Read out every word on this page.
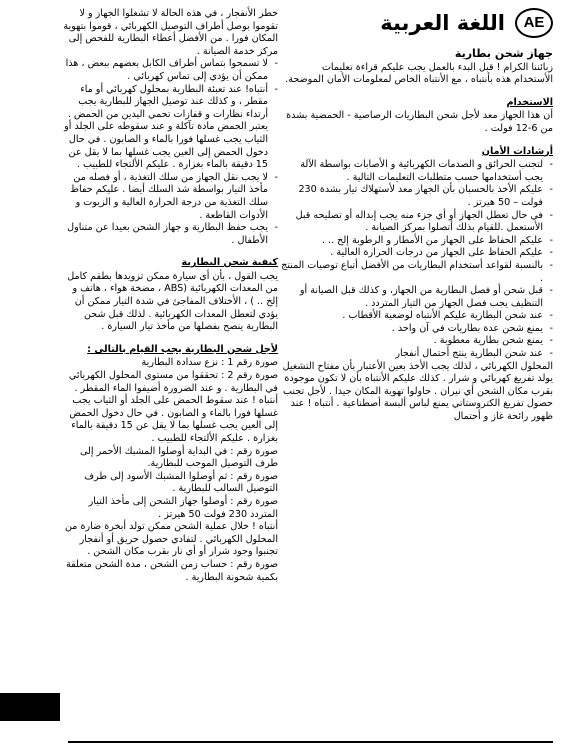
AE
اللغة العربية
جهاز شحن بطارية

زبائننا الكرام ! قبل البدء بالعمل يجب عليكم قراءة تعليمات الأستخدام هذه بأنتباه ، مع الأنتباه الخاص لمعلومات الأمان الموضحة.

الاستخدام

أن هذا الجهاز معد لأجل شحن البطاريات الرصاصية - الحمضية بشدة من 6-12 فولت .

أرشادات الأمان
- لتجنب الحرائق و الصدمات الكهربائية و الأصابات بواسطة الآلة يجب أستخدامها حسب متطلبات التعليمات التالية .
- عليكم الأخذ بالحسبان بأن الجهاز معد لأستهلاك تيار بشدة 230 فولت – 50 هيرتز .
- في حال تعطل الجهاز أو أي جزء منه يجب إبداله أو تصليحه قبل الأستعمل .للقيام بذلك أتصلوا بمركز الصيانة .
- عليكم الحفاظ على الجهاز من الأمطار و الرطوبة إلخ .. .
- عليكم الحفاظ على الجهاز من درجات الحرارة العالية .
- بالنسبة لقواعد أستخدام البطاريات من الأفضل أتباع توصيات المنتج .
- قبل شحن أو فصل البطارية من الجهاز، و كذلك قبل الصيانة أو التنظيف يجب فصل الجهاز من التيار المتردد .
- عند شحن البطارية عليكم الأنتباه لوضعية الأقطاب .
- يمنع شحن عدة بطاريات في آن واحد .
- يمنع شحن بطارية معطوبة .
- عند شحن البطارية ينتج أحتمال أنفجار

المحلول الكهربائي ، لذلك يجب الأخذ بعين الأعتبار بأن مفتاح التشغيل يولد تفريغ كهربائي و شرار . كذلك عليكم الأنتباه بأن لا تكون موجودة بقرب مكان الشحن أي نيران . حاولوا تهوية المكان جيدا . لأجل تجنب حصول تفريغ الكتروستاتي يمنع لباس ألبسة أصطناعية . أنتباه ! عند ظهور رائحة غاز و أحتمال

خطر الأنفجار ، في هذه الحالة لا تشغلوا الجهاز و لا تقوموا بوصل أطراف التوصيل الكهربائي ، قوموا بتهوية المكان فورا . من الأفضل أعطاء البطارية للفحص إلى مركز خدمة الصيانة .

- لا تسمحوا بتماس أطراف الكابل بعضهم ببعض ، هذا ممكن أن يؤدي إلى تماس كهربائي .
- أنتباه! عند تعبئة البطارية بمحلول كهربائي أو ماء مقطر ، و كذلك عند توصيل الجهاز للبطارية يجب أرتداء نظارات و قفازات تحمي اليدين من الحمض . يعتبر الحمض مادة تآكلة و عند سقوطه على الجلد أو الثياب يجب غسلها فورا بالماء و الصابون . في حال دخول الحمض إلى العين يجب غسلها بما لا يقل عن 15 دقيقة بالماء بغزارة . عليكم الألتجاء للطبيب .
- لا يجب نقل الجهاز من سلك التغذية ، أو فصله من مأخذ التيار بواسطة شد السلك أيضا . عليكم حفاظ سلك التغذية من درجة الحرارة العالية و الزيوت و الأدوات القاطعة .
- يجب حفظ البطارية و جهاز الشحن بعيدا عن متناول الأطفال .
كيفية شحن البطارية

يجب القول ، بأن أي سيارة ممكن تزويدها بطقم كامل من المعدات الكهربائية (ABS ، مضخة هواء ، هاتف و إلخ .. ) ، الأختلاف المفاجئ في شدة التيار ممكن أن يؤدي لتعطل المعدات الكهربائية . لذلك قبل شحن البطارية ينصح بفصلها من مأخذ تيار السيارة .

لأجل شحن البطارية يجب القيام بالتالي :

صورة رقم 1 : نزع سدادة البطارية

صورة رقم 2 : تحققوا من مستوى المحلول الكهربائي في البطارية . و عند الضرورة أضيفوا الماء المقطر .

أنتباه ! عند سقوط الحمض على الجلد أو الثياب يجب غسلها فورا بالماء و الصابون . في حال دخول الحمض إلى العين يجب غسلها بما لا يقل عن 15 دقيقة بالماء بغزارة . عليكم الألتجاء للطبيب .

صورة رقم : في البداية أوصلوا المشبك الأحمر إلى طرف التوصيل الموجب للبطارية.

صورة رقم : ثم أوصلوا المشبك الأسود إلى طرف التوصيل السالب للبطارية .

صورة رقم : أوصلوا جهاز الشحن إلى مأخذ التيار المتردد 230 فولت 50 هيرتز .

أنتباه ! خلال عملية الشحن ممكن تولد أبخرة ضارة من المحلول الكهربائي . لتفادي حصول حريق أو أنفجار تجنبوا وجود شرار أو أي نار بقرب مكان الشحن .

صورة رقم : حساب زمن الشحن ، مدة الشحن متعلقة بكمية شحونة البطارية .
